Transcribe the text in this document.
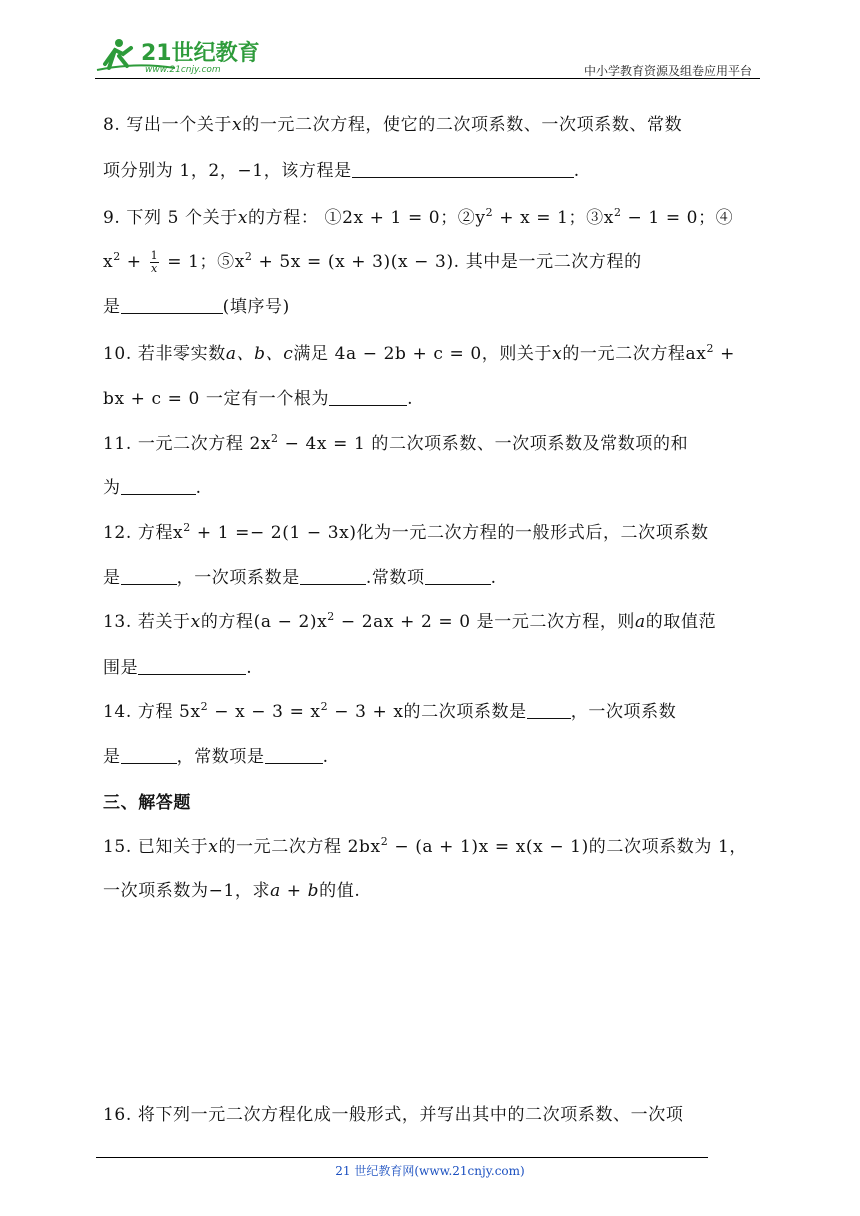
21世纪教育
www.21cnjy.com	中小学教育资源及组卷应用平台
8. 写出一个关于x的一元二次方程，使它的二次项系数、一次项系数、常数
项分别为 1，2，−1，该方程是	.
9. 下列 5 个关于x的方程： ①2x + 1 = 0；$②y^2 + x = 1$；$③x^2 - 1 = 0$；④
$x^2 + \frac{1}{x} = 1$；$⑤x^2 + 5x = (x + 3)(x - 3)$. 其中是一元二次方程的
是	(填序号)
10. 若非零实数a、b、c满足 4a − 2b + c = 0，则关于x的一元二次方程$ax^2$ +
bx + c = 0 一定有一个根为	.
11. 一元二次方程 $2x^2 - 4x = 1$ 的二次项系数、一次项系数及常数项的和
为	.
12. 方程$x^2 + 1 =- 2(1 - 3x)$化为一元二次方程的一般形式后，二次项系数
是	，一次项系数是	.常数项	.
13. 若关于x的方程$(a - 2)x^2 - 2ax + 2 = 0$ 是一元二次方程，则a的取值范
围是	.
14. 方程 $5x^2 - x - 3 = x^2 - 3 + x$的二次项系数是	，一次项系数
是	，常数项是	.
三、解答题
15. 已知关于x的一元二次方程 $2bx^2 - (a + 1)x = x(x - 1)$的二次项系数为 1，
一次项系数为−1，求a + b的值.
16. 将下列一元二次方程化成一般形式，并写出其中的二次项系数、一次项
21 世纪教育网(www.21cnjy.com)
